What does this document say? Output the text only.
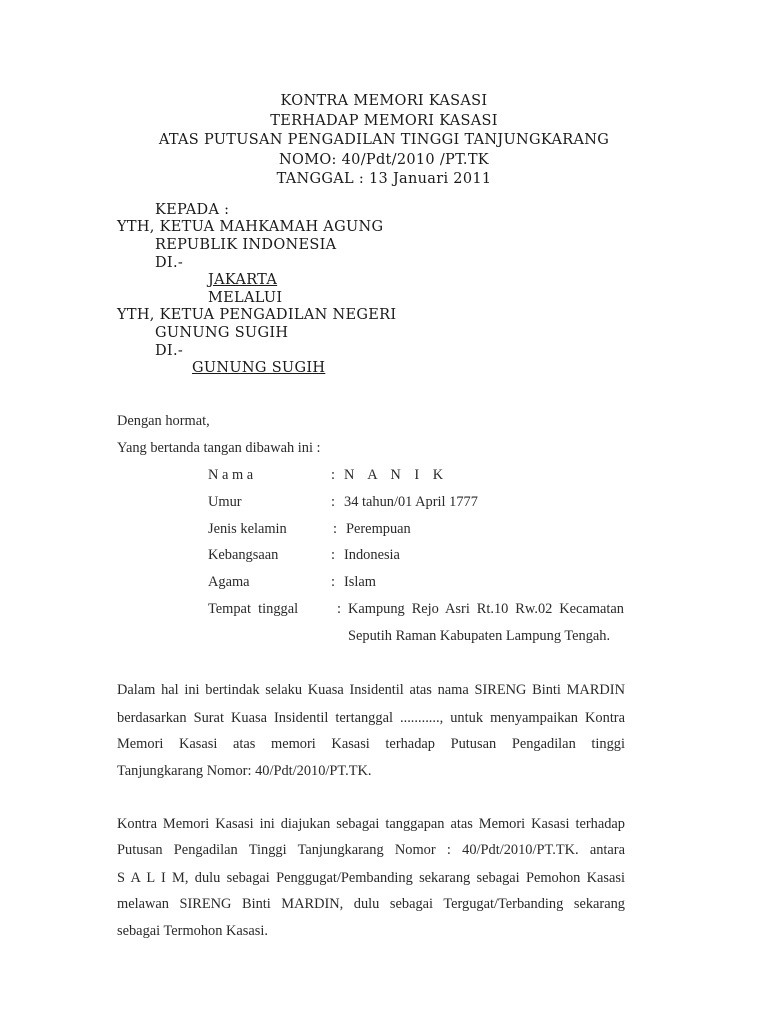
KONTRA MEMORI KASASI
TERHADAP MEMORI KASASI
ATAS PUTUSAN PENGADILAN TINGGI TANJUNGKARANG
NOMO: 40/Pdt/2010 /PT.TK
TANGGAL : 13 Januari 2011
KEPADA :
YTH, KETUA MAHKAMAH AGUNG
REPUBLIK INDONESIA
DI.-
JAKARTA
MELALUI
YTH, KETUA PENGADILAN NEGERI
GUNUNG SUGIH
DI.-
GUNUNG SUGIH
Dengan hormat,
Yang bertanda tangan dibawah ini :
N a m a	: N A N I K
Umur	: 34 tahun/01 April 1777
Jenis kelamin	: Perempuan
Kebangsaan	: Indonesia
Agama	: Islam
Tempat  tinggal	: Kampung Rejo Asri Rt.10 Rw.02 Kecamatan
Seputih Raman Kabupaten Lampung Tengah.
Dalam hal ini bertindak selaku Kuasa Insidentil atas nama SIRENG Binti MARDIN
berdasarkan Surat Kuasa Insidentil tertanggal ..........., untuk menyampaikan Kontra
Memori Kasasi atas memori Kasasi terhadap Putusan Pengadilan tinggi
Tanjungkarang Nomor: 40/Pdt/2010/PT.TK.
Kontra Memori Kasasi ini diajukan sebagai tanggapan atas Memori Kasasi terhadap
Putusan Pengadilan Tinggi Tanjungkarang Nomor : 40/Pdt/2010/PT.TK. antara
S A L I M, dulu sebagai Penggugat/Pembanding sekarang sebagai Pemohon Kasasi
melawan SIRENG Binti MARDIN, dulu sebagai Tergugat/Terbanding sekarang
sebagai Termohon Kasasi.
